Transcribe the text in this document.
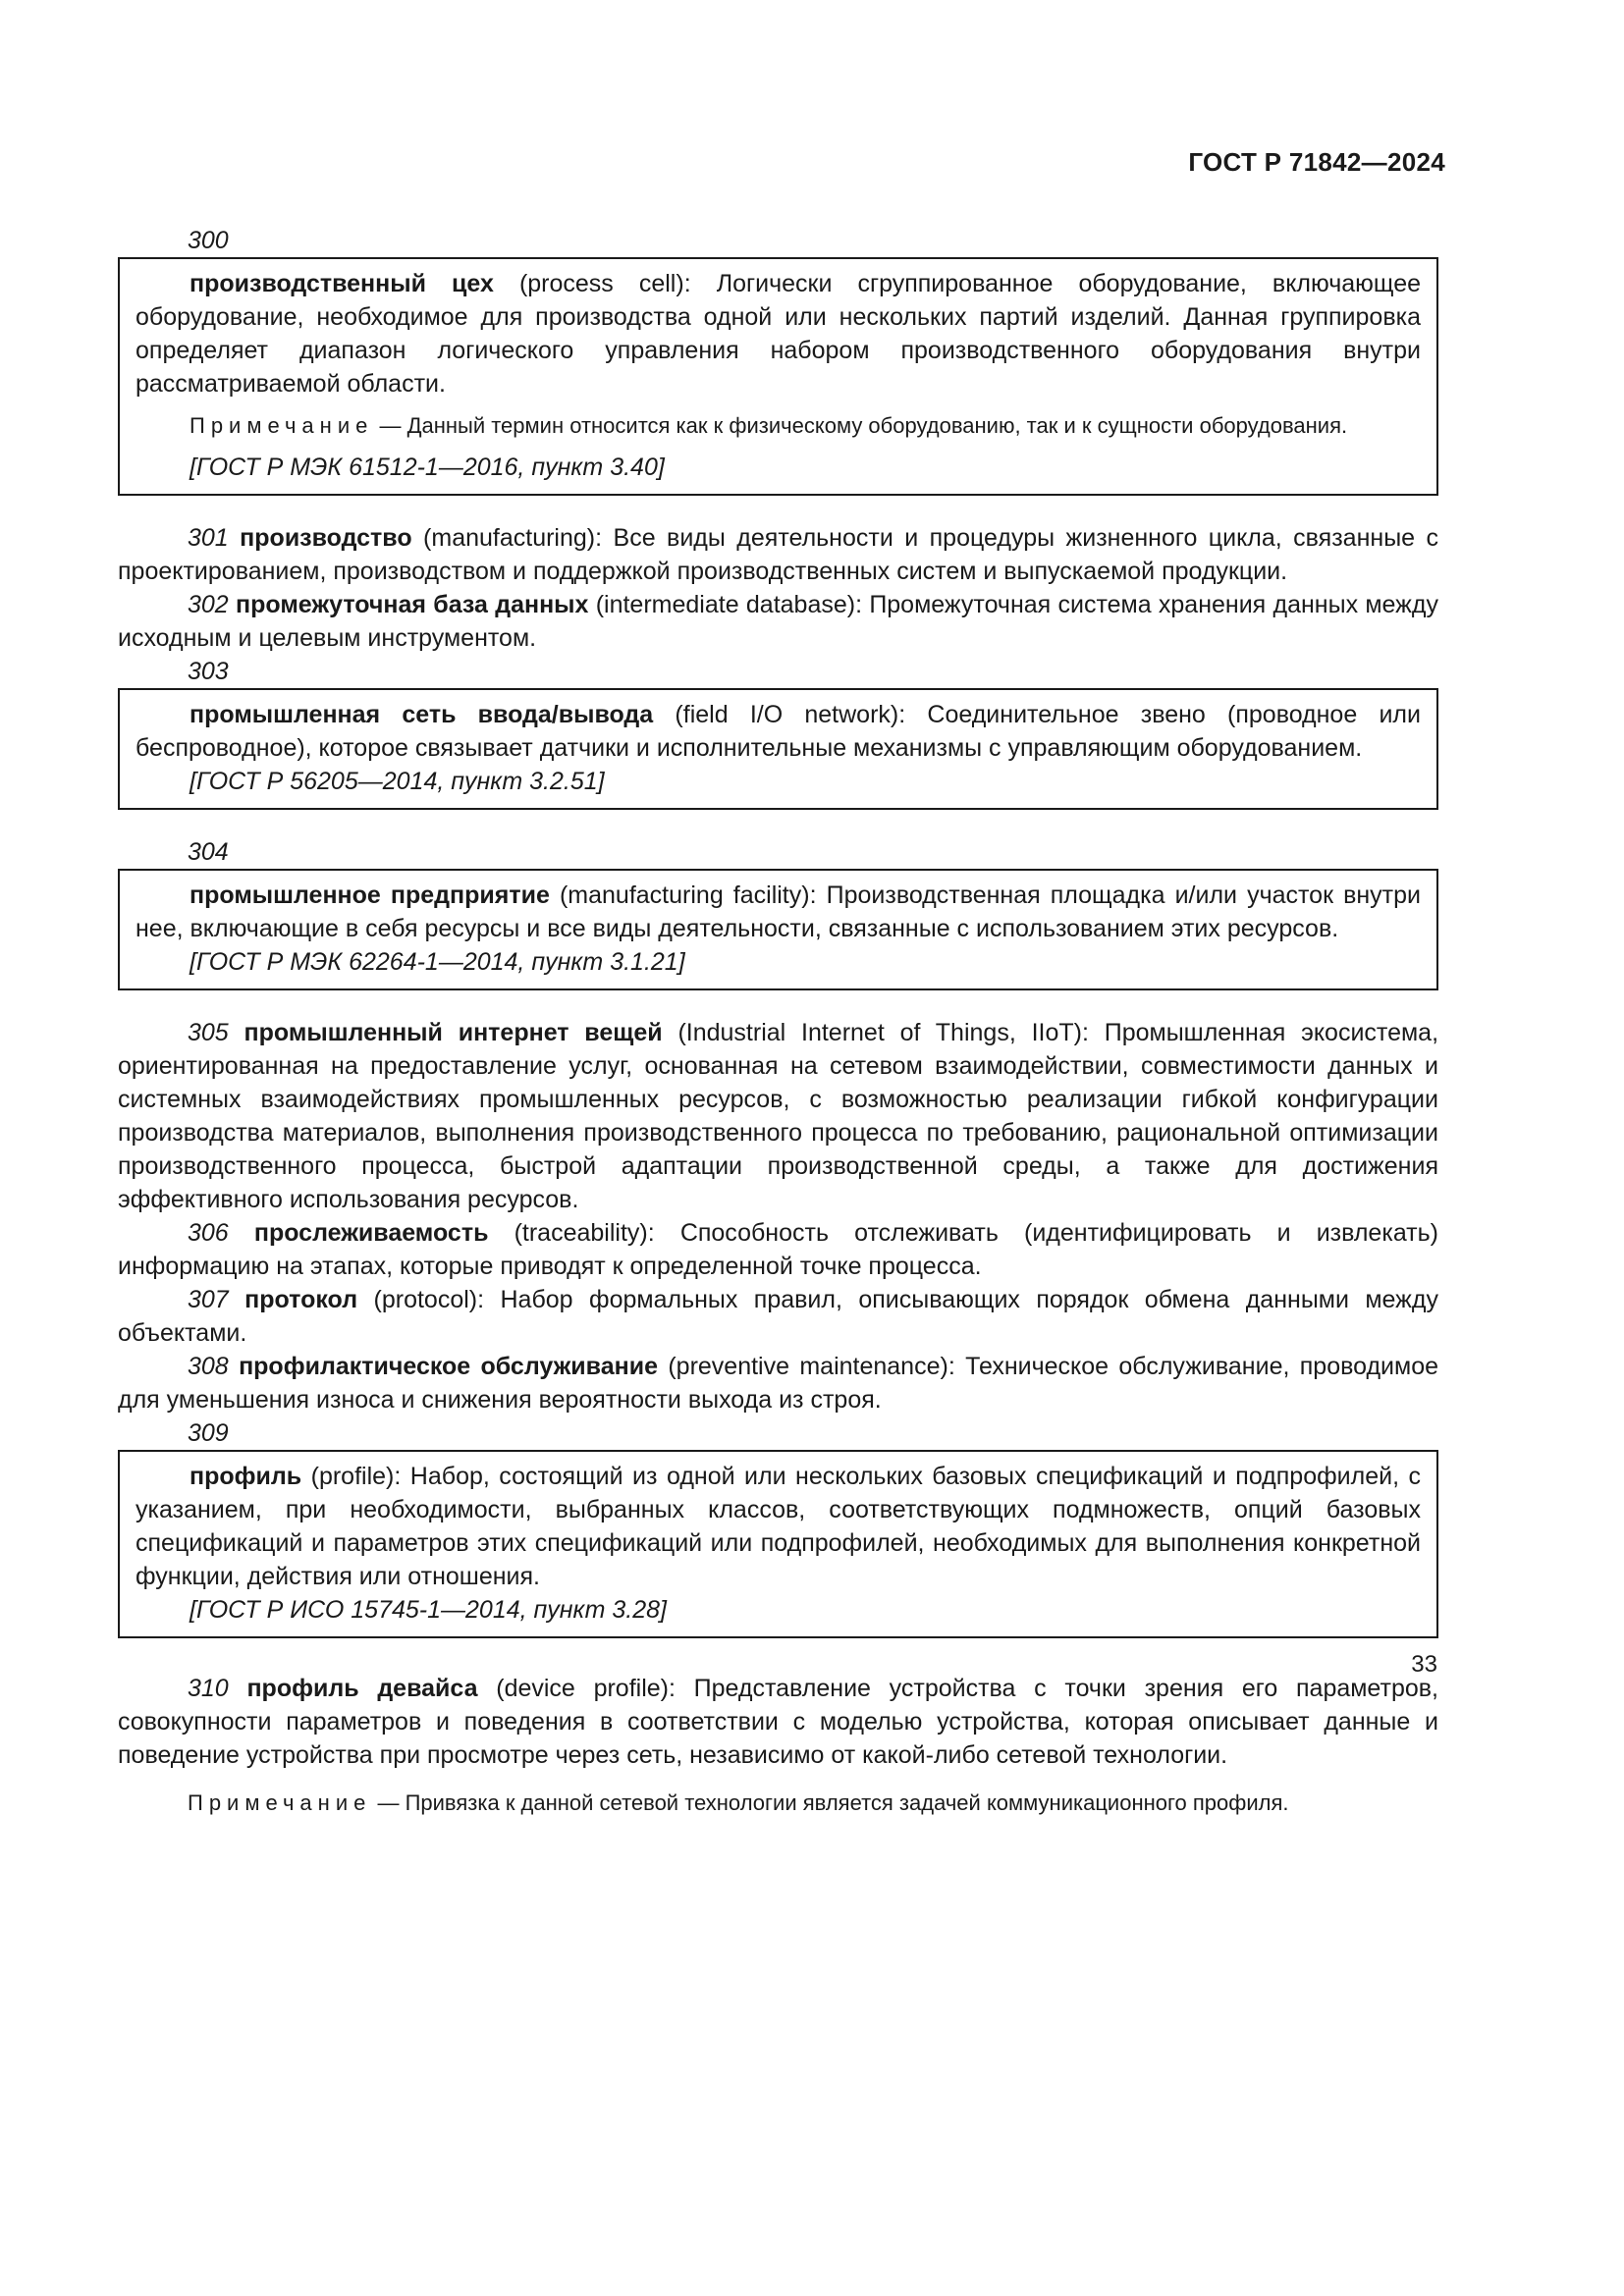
ГОСТ Р 71842—2024
300

производственный цех (process cell): Логически сгруппированное оборудование, включающее оборудование, необходимое для производства одной или нескольких партий изделий. Данная группировка определяет диапазон логического управления набором производственного оборудования внутри рассматриваемой области.

Примечание — Данный термин относится как к физическому оборудованию, так и к сущности оборудования.

[ГОСТ Р МЭК 61512-1—2016, пункт 3.40]

301 производство (manufacturing): Все виды деятельности и процедуры жизненного цикла, связанные с проектированием, производством и поддержкой производственных систем и выпускаемой продукции.

302 промежуточная база данных (intermediate database): Промежуточная система хранения данных между исходным и целевым инструментом.

303

промышленная сеть ввода/вывода (field I/O network): Соединительное звено (проводное или беспроводное), которое связывает датчики и исполнительные механизмы с управляющим оборудованием.

[ГОСТ Р 56205—2014, пункт 3.2.51]
304

промышленное предприятие (manufacturing facility): Производственная площадка и/или участок внутри нее, включающие в себя ресурсы и все виды деятельности, связанные с использованием этих ресурсов.

[ГОСТ Р МЭК 62264-1—2014, пункт 3.1.21]

305 промышленный интернет вещей (Industrial Internet of Things, IIoT): Промышленная экосистема, ориентированная на предоставление услуг, основанная на сетевом взаимодействии, совместимости данных и системных взаимодействиях промышленных ресурсов, с возможностью реализации гибкой конфигурации производства материалов, выполнения производственного процесса по требованию, рациональной оптимизации производственного процесса, быстрой адаптации производственной среды, а также для достижения эффективного использования ресурсов.

306 прослеживаемость (traceability): Способность отслеживать (идентифицировать и извлекать) информацию на этапах, которые приводят к определенной точке процесса.

307 протокол (protocol): Набор формальных правил, описывающих порядок обмена данными между объектами.

308 профилактическое обслуживание (preventive maintenance): Техническое обслуживание, проводимое для уменьшения износа и снижения вероятности выхода из строя.

309

профиль (profile): Набор, состоящий из одной или нескольких базовых спецификаций и подпрофилей, с указанием, при необходимости, выбранных классов, соответствующих подмножеств, опций базовых спецификаций и параметров этих спецификаций или подпрофилей, необходимых для выполнения конкретной функции, действия или отношения.

[ГОСТ Р ИСО 15745-1—2014, пункт 3.28]

310 профиль девайса (device profile): Представление устройства с точки зрения его параметров, совокупности параметров и поведения в соответствии с моделью устройства, которая описывает данные и поведение устройства при просмотре через сеть, независимо от какой-либо сетевой технологии.

Примечание — Привязка к данной сетевой технологии является задачей коммуникационного профиля.

33
